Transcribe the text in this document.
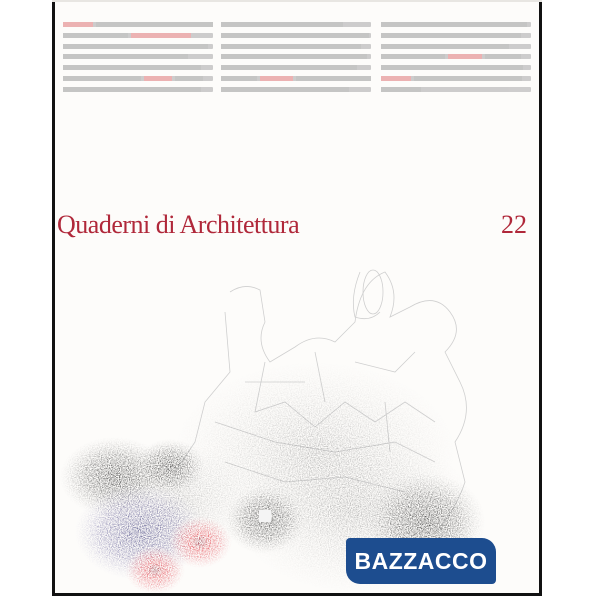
Quaderni di Architettura	22
BAZZACCO
